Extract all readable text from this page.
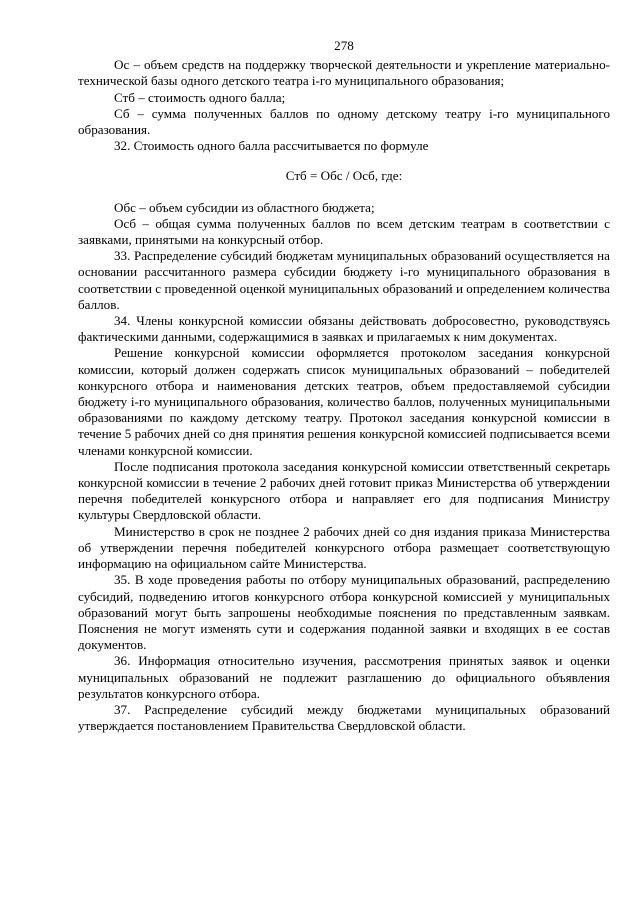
278

Ос – объем средств на поддержку творческой деятельности и укрепление материально-технической базы одного детского театра i-го муниципального образования;

Стб – стоимость одного балла;

Сб – сумма полученных баллов по одному детскому театру i-го муниципального образования.

32. Стоимость одного балла рассчитывается по формуле

Стб = Обс / Осб, где:

Обс – объем субсидии из областного бюджета;

Осб – общая сумма полученных баллов по всем детским театрам в соответствии с заявками, принятыми на конкурсный отбор.

33. Распределение субсидий бюджетам муниципальных образований осуществляется на основании рассчитанного размера субсидии бюджету i-го муниципального образования в соответствии с проведенной оценкой муниципальных образований и определением количества баллов.

34. Члены конкурсной комиссии обязаны действовать добросовестно, руководствуясь фактическими данными, содержащимися в заявках и прилагаемых к ним документах.

Решение конкурсной комиссии оформляется протоколом заседания конкурсной комиссии, который должен содержать список муниципальных образований – победителей конкурсного отбора и наименования детских театров, объем предоставляемой субсидии бюджету i-го муниципального образования, количество баллов, полученных муниципальными образованиями по каждому детскому театру. Протокол заседания конкурсной комиссии в течение 5 рабочих дней со дня принятия решения конкурсной комиссией подписывается всеми членами конкурсной комиссии.

После подписания протокола заседания конкурсной комиссии ответственный секретарь конкурсной комиссии в течение 2 рабочих дней готовит приказ Министерства об утверждении перечня победителей конкурсного отбора и направляет его для подписания Министру культуры Свердловской области.

Министерство в срок не позднее 2 рабочих дней со дня издания приказа Министерства об утверждении перечня победителей конкурсного отбора размещает соответствующую информацию на официальном сайте Министерства.

35. В ходе проведения работы по отбору муниципальных образований, распределению субсидий, подведению итогов конкурсного отбора конкурсной комиссией у муниципальных образований могут быть запрошены необходимые пояснения по представленным заявкам. Пояснения не могут изменять сути и содержания поданной заявки и входящих в ее состав документов.

36. Информация относительно изучения, рассмотрения принятых заявок и оценки муниципальных образований не подлежит разглашению до официального объявления результатов конкурсного отбора.

37. Распределение субсидий между бюджетами муниципальных образований утверждается постановлением Правительства Свердловской области.
